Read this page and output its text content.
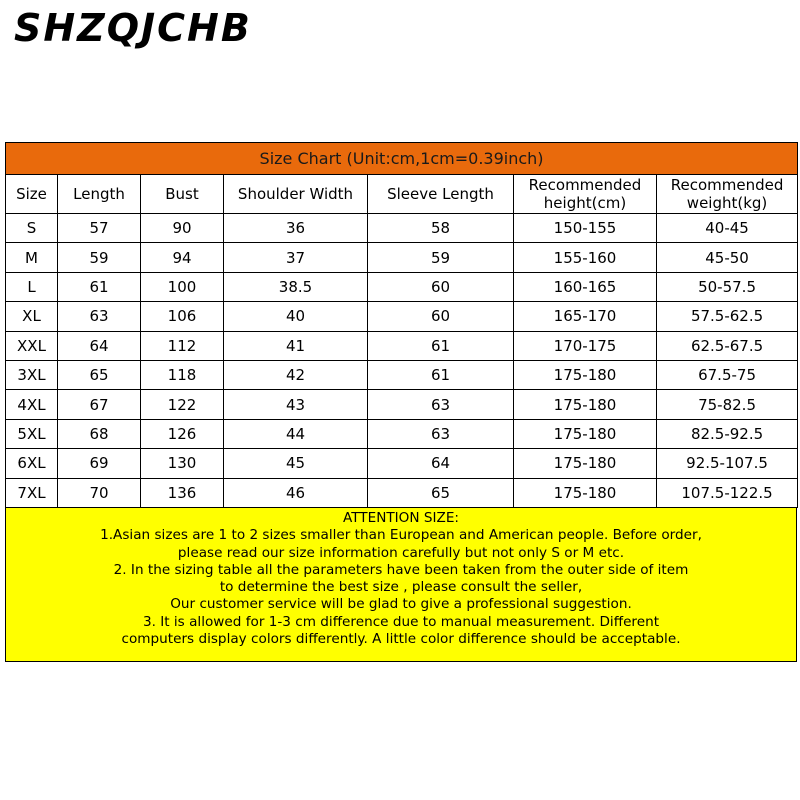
SHZQJCHB
Size Chart (Unit:cm,1cm=0.39inch)						
Size	Length	Bust	Shoulder Width	Sleeve Length	Recommended height(cm)	Recommended weight(kg)
S	57	90	36	58	150-155	40-45
M	59	94	37	59	155-160	45-50
L	61	100	38.5	60	160-165	50-57.5
XL	63	106	40	60	165-170	57.5-62.5
XXL	64	112	41	61	170-175	62.5-67.5
3XL	65	118	42	61	175-180	67.5-75
4XL	67	122	43	63	175-180	75-82.5
5XL	68	126	44	63	175-180	82.5-92.5
6XL	69	130	45	64	175-180	92.5-107.5
7XL	70	136	46	65	175-180	107.5-122.5
ATTENTION SIZE:
1.Asian sizes are 1 to 2 sizes smaller than European and American people. Before order,
please read our size information carefully but not only S or M etc.
2. In the sizing table all the parameters have been taken from the outer side of item
to determine the best size , please consult the seller,
Our customer service will be glad to give a professional suggestion.
3. It is allowed for 1-3 cm difference due to manual measurement. Different
computers display colors differently. A little color difference should be acceptable.
